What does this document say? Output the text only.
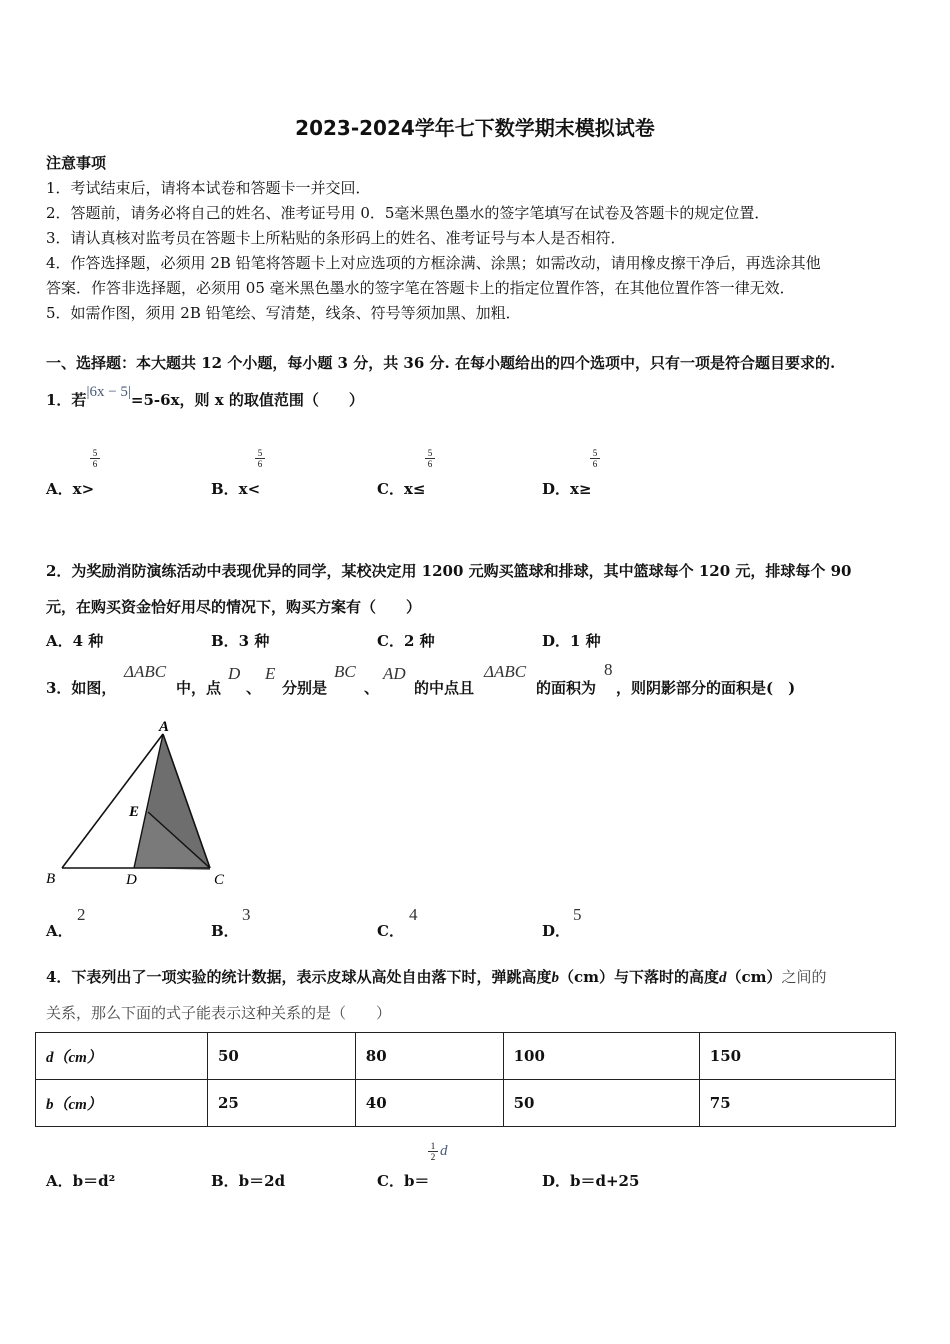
2023-2024学年七下数学期末模拟试卷
注意事项
1．考试结束后，请将本试卷和答题卡一并交回．
2．答题前，请务必将自己的姓名、准考证号用 0．5毫米黑色墨水的签字笔填写在试卷及答题卡的规定位置．
3．请认真核对监考员在答题卡上所粘贴的条形码上的姓名、准考证号与本人是否相符．
4．作答选择题，必须用 2B 铅笔将答题卡上对应选项的方框涂满、涂黑；如需改动，请用橡皮擦干净后，再选涂其他
答案．作答非选择题，必须用 05 毫米黑色墨水的签字笔在答题卡上的指定位置作答，在其他位置作答一律无效．
5．如需作图，须用 2B 铅笔绘、写清楚，线条、符号等须加黑、加粗．
一、选择题：本大题共 12 个小题，每小题 3 分，共 36 分. 在每小题给出的四个选项中，只有一项是符合题目要求的.
1．若|6x − 5|=5-6x，则 x 的取值范围（　　）
A．x>
$\frac{5}{6}$
B．x<
$\frac{5}{6}$
C．x≤
$\frac{5}{6}$
D．x≥
$\frac{5}{6}$
2．为奖励消防演练活动中表现优异的同学，某校决定用 1200 元购买篮球和排球，其中篮球每个 120 元，排球每个 90
元，在购买资金恰好用尽的情况下，购买方案有（　　）
A．4 种	B．3 种	C．2 种	D．1 种
3．如图，
ΔABC
中，点
D
、
E
分别是
BC
、
AD
的中点且
ΔABC
的面积为
8
，则阴影部分的面积是(　)
A
B	D	C
E
A．
2
B．
3
C．
4
D．
5
4．下表列出了一项实验的统计数据，表示皮球从高处自由落下时，弹跳高度b（cm）与下落时的高度d（cm）之间的
关系，那么下面的式子能表示这种关系的是（　　）
d（cm）	50	80	100	150
b（cm）	25	40	50	75
A．b＝d²	B．b＝2d	C．b＝
$\frac{1}{2}$ d
D．b＝d+25
